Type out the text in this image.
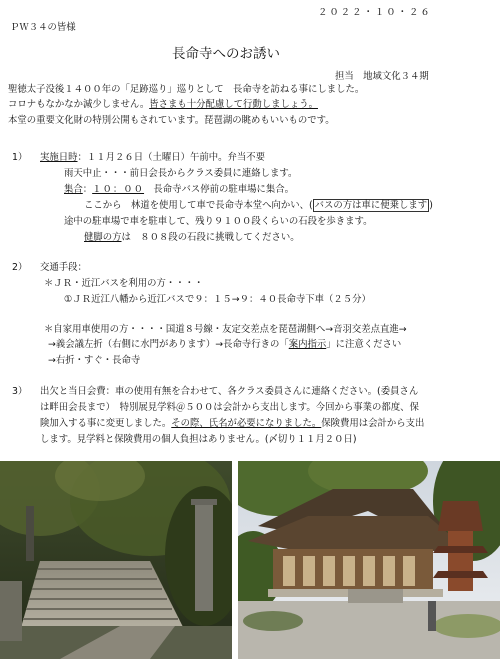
２０２２・１０・２６
ＰＷ３４の皆様
長命寺へのお誘い
担当　地域文化３４期
聖徳太子没後１４００年の「足跡巡り」巡りとして　長命寺を訪ねる事にしました。
コロナもなかなか減少しません。皆さまも十分配慮して行動しましょう。
本堂の重要文化財の特別公開もされています。琵琶湖の眺めもいいものです。
1） 実施日時：１１月２６日（土曜日）午前中。弁当不要
雨天中止・・・前日会長からクラス委員に連絡します。
集合：１０：００　長命寺バス停前の駐車場に集合。
ここから　林道を使用して車で長命寺本堂へ向かい、( バスの方は車に便乗します )
途中の駐車場で車を駐車して、残り９１００段くらいの石段を歩きます。
健脚の方は　８０８段の石段に挑戦してください。
2） 交通手段：
＊ＪＲ・近江バスを利用の方・・・・
①ＪＲ近江八幡から近江バスで９：１５→９：４０長命寺下車（２５分）
＊自家用車使用の方・・・・国道８号線・友定交差点を琵琶湖側へ→音羽交差点直進→
→義会議左折（右側に水門があります）→長命寺行きの「案内指示」に注意ください
→右折・すぐ・長命寺
3） 出欠と当日会費：車の使用有無を合わせて、各クラス委員さんに連絡ください。(委員さん
は畔田会長まで）　特別展見学料＠５００は会計から支出します。今回から事業の都度、保
険加入する事に変更しました。その際、氏名が必要になりました。保険費用は会計から支出
します。見学料と保険費用の個人負担はありません。(〆切り１１月２０日)
